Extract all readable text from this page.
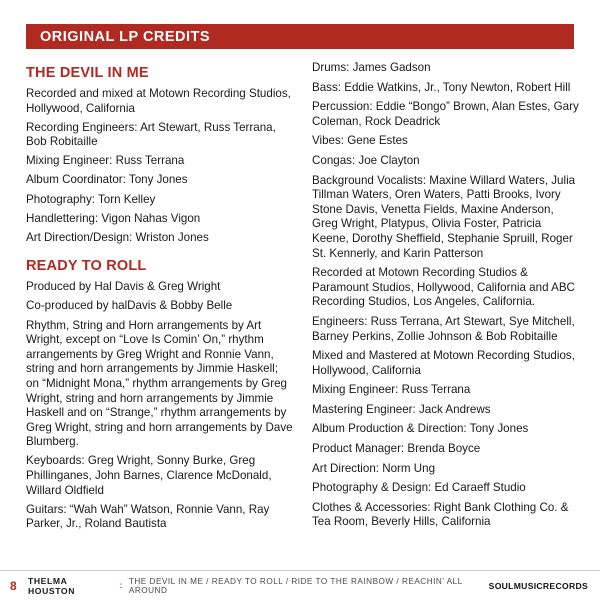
ORIGINAL LP CREDITS
THE DEVIL IN ME
Recorded and mixed at Motown Recording Studios, Hollywood, California
Recording Engineers: Art Stewart, Russ Terrana, Bob Robitaille
Mixing Engineer: Russ Terrana
Album Coordinator: Tony Jones
Photography: Torn Kelley
Handlettering: Vigon Nahas Vigon
Art Direction/Design: Wriston Jones
READY TO ROLL
Produced by Hal Davis & Greg Wright
Co-produced by halDavis & Bobby Belle
Rhythm, String and Horn arrangements by Art Wright, except on “Love Is Comin’ On,” rhythm arrangements by Greg Wright and Ronnie Vann, string and horn arrangements by Jimmie Haskell; on “Midnight Mona,” rhythm arrangements by Greg Wright, string and horn arrangements by Jimmie Haskell and on “Strange,” rhythm arrangements by Greg Wright, string and horn arrangements by Dave Blumberg.
Keyboards: Greg Wright, Sonny Burke, Greg Phillinganes, John Barnes, Clarence McDonald, Willard Oldfield
Guitars: “Wah Wah” Watson, Ronnie Vann, Ray Parker, Jr., Roland Bautista
Drums: James Gadson
Bass: Eddie Watkins, Jr., Tony Newton, Robert Hill
Percussion: Eddie “Bongo” Brown, Alan Estes, Gary Coleman, Rock Deadrick
Vibes: Gene Estes
Congas: Joe Clayton
Background Vocalists: Maxine Willard Waters, Julia Tillman Waters, Oren Waters, Patti Brooks, Ivory Stone Davis, Venetta Fields, Maxine Anderson, Greg Wright, Platypus, Olivia Foster, Patricia Keene, Dorothy Sheffield, Stephanie Spruill, Roger St. Kennerly, and Karin Patterson
Recorded at Motown Recording Studios & Paramount Studios, Hollywood, California and ABC Recording Studios, Los Angeles, California.
Engineers: Russ Terrana, Art Stewart, Sye Mitchell, Barney Perkins, Zollie Johnson & Bob Robitaille
Mixed and Mastered at Motown Recording Studios, Hollywood, California
Mixing Engineer: Russ Terrana
Mastering Engineer: Jack Andrews
Album Production & Direction: Tony Jones
Product Manager: Brenda Boyce
Art Direction: Norm Ung
Photography & Design: Ed Caraeff Studio
Clothes & Accessories: Right Bank Clothing Co. & Tea Room, Beverly Hills, California
8	THELMA HOUSTON	: THE DEVIL IN ME / READY TO ROLL / RIDE TO THE RAINBOW / REACHIN’ ALL AROUND	SOULMUSICRECORDS
